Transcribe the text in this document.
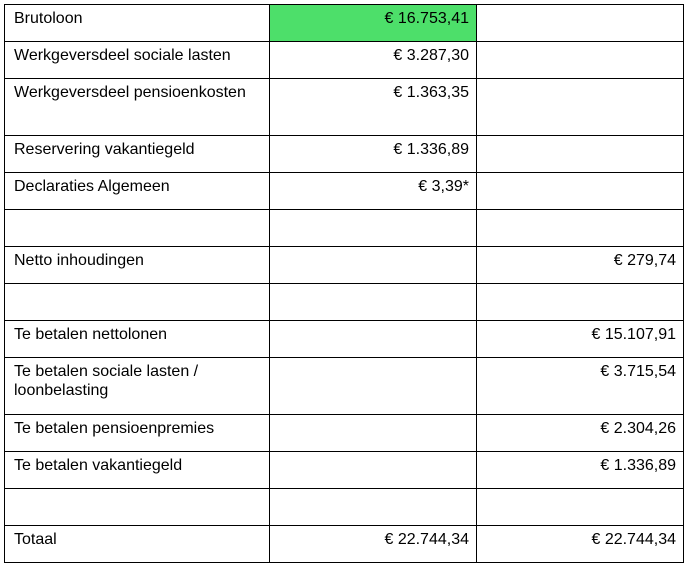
Brutoloon	€ 16.753,41	
Werkgeversdeel sociale lasten	€ 3.287,30	
Werkgeversdeel pensioenkosten	€ 1.363,35	
Reservering vakantiegeld	€ 1.336,89	
Declaraties Algemeen	€ 3,39*	

Netto inhoudingen		€ 279,74

Te betalen nettolonen		€ 15.107,91
Te betalen sociale lasten / loonbelasting		€ 3.715,54
Te betalen pensioenpremies		€ 2.304,26
Te betalen vakantiegeld		€ 1.336,89

Totaal	€ 22.744,34	€ 22.744,34
